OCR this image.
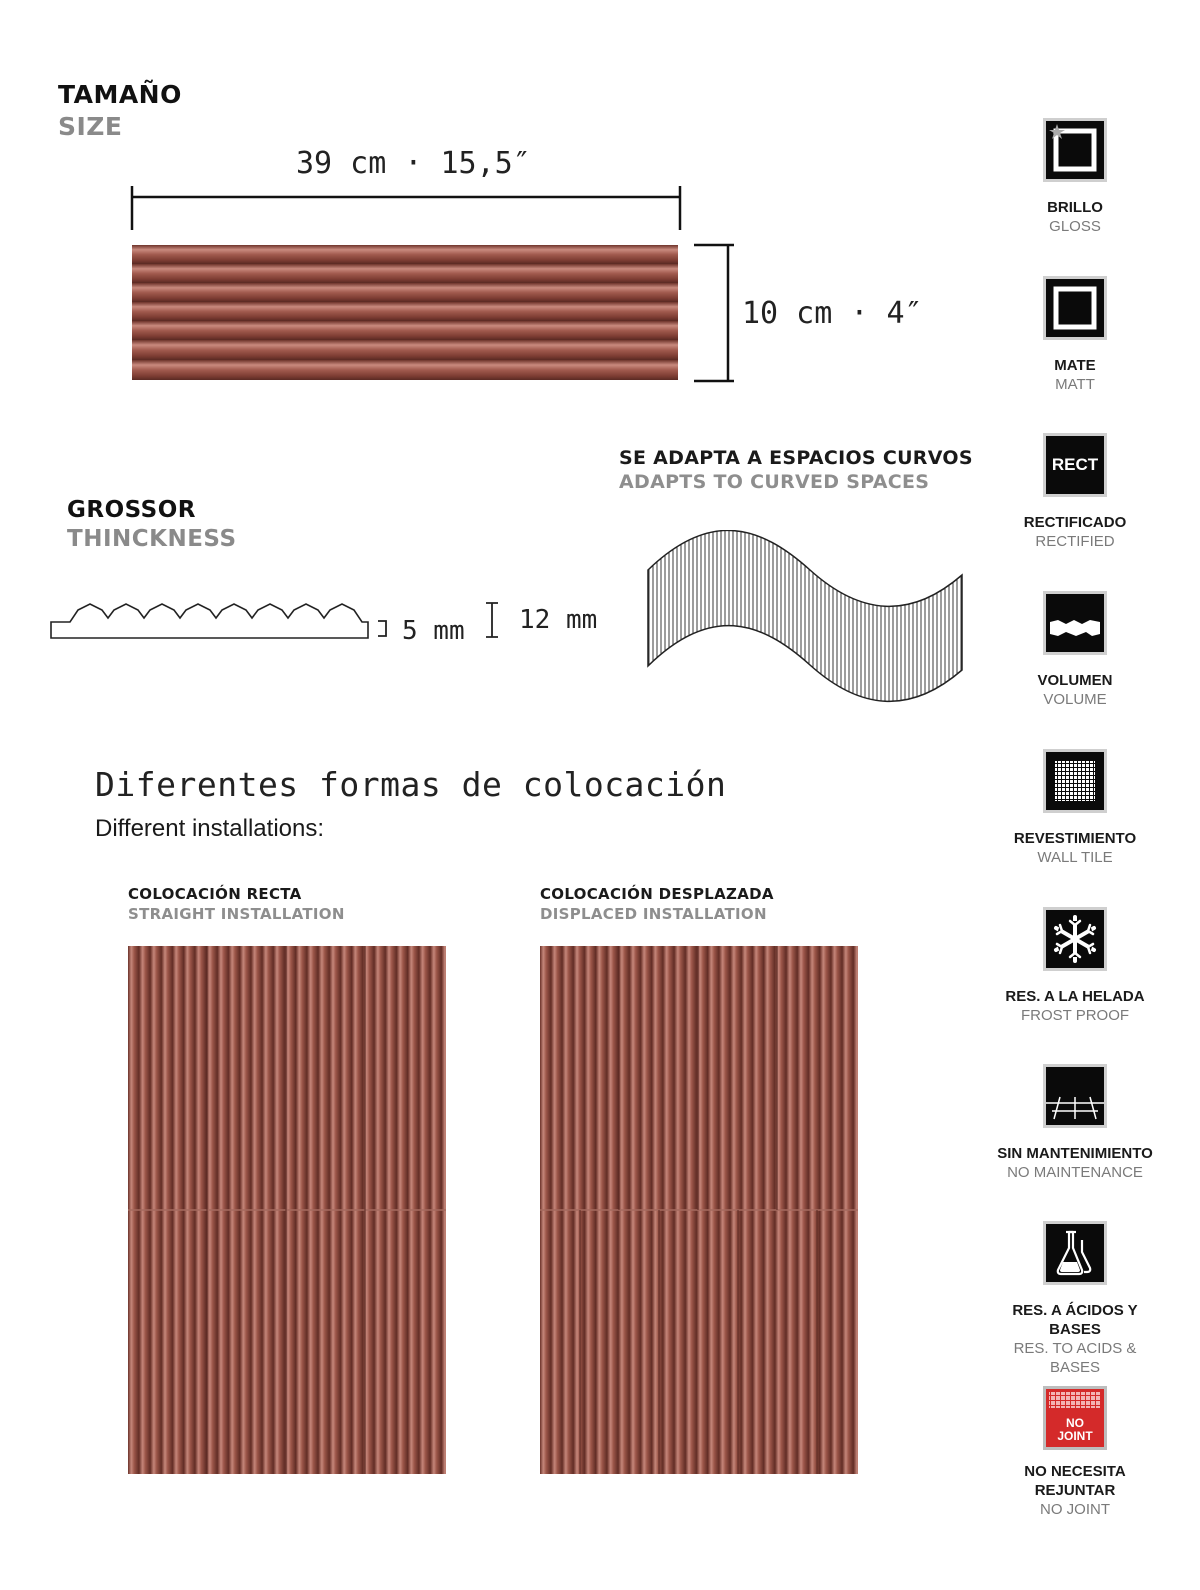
TAMAÑO
SIZE
39 cm · 15,5″
10 cm · 4″
GROSSOR
THINCKNESS
5 mm 12 mm
SE ADAPTA A ESPACIOS CURVOS
ADAPTS TO CURVED SPACES
Diferentes formas de colocación
Different installations:
COLOCACIÓN RECTA
STRAIGHT INSTALLATION
COLOCACIÓN DESPLAZADA
DISPLACED INSTALLATION
BRILLO
GLOSS
MATE
MATT
RECT
RECTIFICADO
RECTIFIED
VOLUMEN
VOLUME
REVESTIMIENTO
WALL TILE
RES. A LA HELADA
FROST PROOF
SIN MANTENIMIENTO
NO MAINTENANCE
RES. A ÁCIDOS Y BASES
RES. TO ACIDS & BASES
NO
JOINT
NO NECESITA REJUNTAR
NO JOINT
